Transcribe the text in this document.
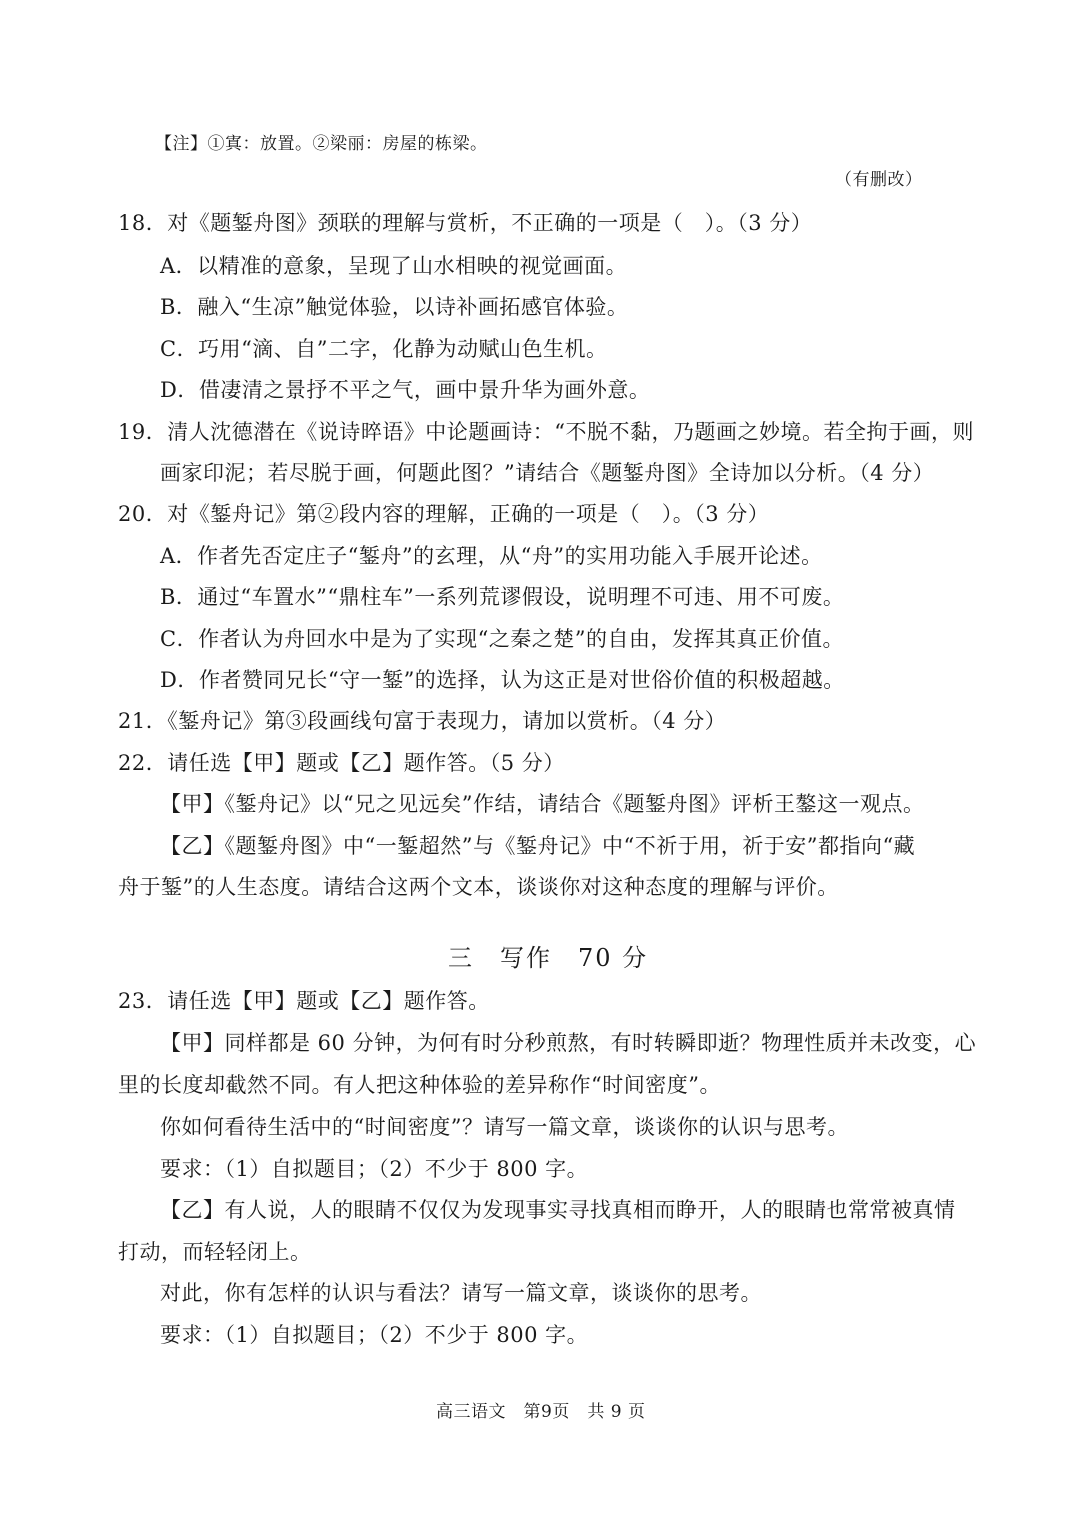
【注】①寘：放置。②梁丽：房屋的栋梁。
（有删改）
18．对《题錾舟图》颈联的理解与赏析，不正确的一项是（　）。（3 分）
A．以精准的意象，呈现了山水相映的视觉画面。
B．融入“生凉”触觉体验，以诗补画拓感官体验。
C．巧用“滴、自”二字，化静为动赋山色生机。
D．借凄清之景抒不平之气，画中景升华为画外意。
19．清人沈德潜在《说诗晬语》中论题画诗：“不脱不黏，乃题画之妙境。若全拘于画，则
画家印泥；若尽脱于画，何题此图？”请结合《题錾舟图》全诗加以分析。（4 分）
20．对《錾舟记》第②段内容的理解，正确的一项是（　）。（3 分）
A．作者先否定庄子“錾舟”的玄理，从“舟”的实用功能入手展开论述。
B．通过“车置水”“鼎柱车”一系列荒谬假设，说明理不可违、用不可废。
C．作者认为舟回水中是为了实现“之秦之楚”的自由，发挥其真正价值。
D．作者赞同兄长“守一錾”的选择，认为这正是对世俗价值的积极超越。
21．《錾舟记》第③段画线句富于表现力，请加以赏析。（4 分）
22．请任选【甲】题或【乙】题作答。（5 分）
【甲】《錾舟记》以“兄之见远矣”作结，请结合《题錾舟图》评析王鏊这一观点。
【乙】《题錾舟图》中“一錾超然”与《錾舟记》中“不祈于用，祈于安”都指向“藏
舟于錾”的人生态度。请结合这两个文本，谈谈你对这种态度的理解与评价。
三　写作　70 分
23．请任选【甲】题或【乙】题作答。
【甲】同样都是 60 分钟，为何有时分秒煎熬，有时转瞬即逝？物理性质并未改变，心
里的长度却截然不同。有人把这种体验的差异称作“时间密度”。
你如何看待生活中的“时间密度”？请写一篇文章，谈谈你的认识与思考。
要求：（1）自拟题目；（2）不少于 800 字。
【乙】有人说，人的眼睛不仅仅为发现事实寻找真相而睁开，人的眼睛也常常被真情
打动，而轻轻闭上。
对此，你有怎样的认识与看法？请写一篇文章，谈谈你的思考。
要求：（1）自拟题目；（2）不少于 800 字。
高三语文　第9页　共 9 页
